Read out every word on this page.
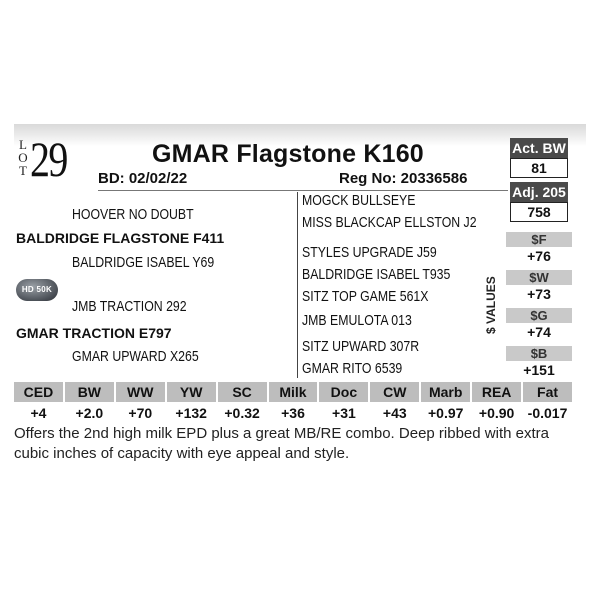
L
O
T 29	GMAR Flagstone K160
BD: 02/02/22	Reg No: 20336586
HOOVER NO DOUBT
BALDRIDGE FLAGSTONE F411
BALDRIDGE ISABEL Y69
HD 50K
JMB TRACTION 292
GMAR TRACTION E797
GMAR UPWARD X265
MOGCK BULLSEYE
MISS BLACKCAP ELLSTON J2
STYLES UPGRADE J59
BALDRIDGE ISABEL T935
SITZ TOP GAME 561X
JMB EMULOTA 013
SITZ UPWARD 307R
GMAR RITO 6539
Act. BW
81
Adj. 205
758
$ VALUES
$F
+76
$W
+73
$G
+74
$B
+151
CED	BW	WW	YW	SC	Milk	Doc	CW	Marb	REA	Fat
+4	+2.0	+70	+132	+0.32	+36	+31	+43	+0.97	+0.90 -0.017
Offers the 2nd high milk EPD plus a great MB/RE combo. Deep ribbed with extra cubic inches of capacity with eye appeal and style.
